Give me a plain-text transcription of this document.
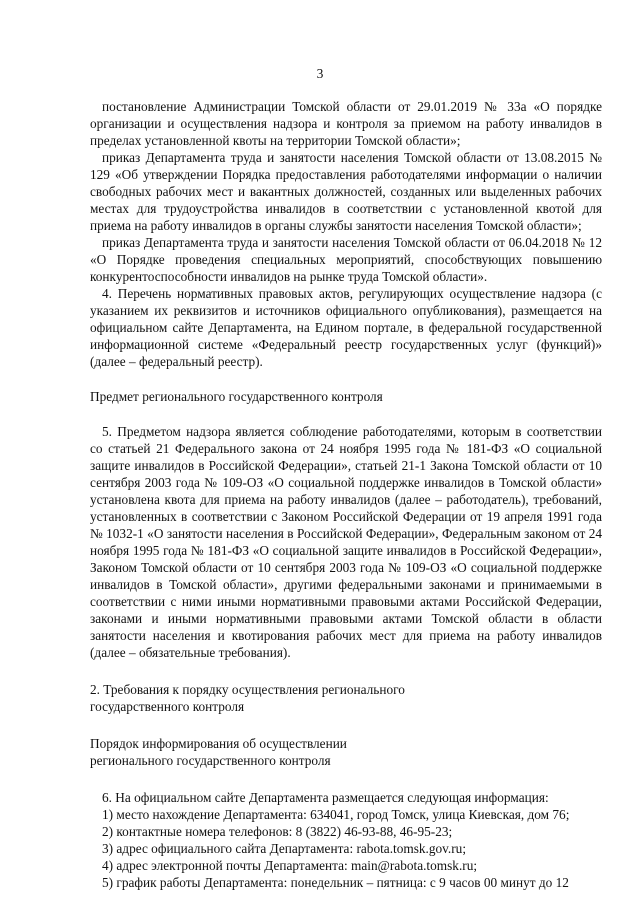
3

постановление Администрации Томской области от 29.01.2019 № 33а «О порядке организации и осуществления надзора и контроля за приемом на работу инвалидов в пределах установленной квоты на территории Томской области»;

приказ Департамента труда и занятости населения Томской области от 13.08.2015 № 129 «Об утверждении Порядка предоставления работодателями информации о наличии свободных рабочих мест и вакантных должностей, созданных или выделенных рабочих местах для трудоустройства инвалидов в соответствии с установленной квотой для приема на работу инвалидов в органы службы занятости населения Томской области»;

приказ Департамента труда и занятости населения Томской области от 06.04.2018 № 12 «О Порядке проведения специальных мероприятий, способствующих повышению конкурентоспособности инвалидов на рынке труда Томской области».

4. Перечень нормативных правовых актов, регулирующих осуществление надзора (с указанием их реквизитов и источников официального опубликования), размещается на официальном сайте Департамента, на Едином портале, в федеральной государственной информационной системе «Федеральный реестр государственных услуг (функций)» (далее – федеральный реестр).

Предмет регионального государственного контроля

5. Предметом надзора является соблюдение работодателями, которым в соответствии со статьей 21 Федерального закона от 24 ноября 1995 года № 181-ФЗ «О социальной защите инвалидов в Российской Федерации», статьей 21-1 Закона Томской области от 10 сентября 2003 года № 109-ОЗ «О социальной поддержке инвалидов в Томской области» установлена квота для приема на работу инвалидов (далее – работодатель), требований, установленных в соответствии с Законом Российской Федерации от 19 апреля 1991 года № 1032-1 «О занятости населения в Российской Федерации», Федеральным законом от 24 ноября 1995 года № 181-ФЗ «О социальной защите инвалидов в Российской Федерации», Законом Томской области от 10 сентября 2003 года № 109-ОЗ «О социальной поддержке инвалидов в Томской области», другими федеральными законами и принимаемыми в соответствии с ними иными нормативными правовыми актами Российской Федерации, законами и иными нормативными правовыми актами Томской области в области занятости населения и квотирования рабочих мест для приема на работу инвалидов (далее – обязательные требования).

2. Требования к порядку осуществления регионального

государственного контроля

Порядок информирования об осуществлении

регионального государственного контроля

6. На официальном сайте Департамента размещается следующая информация:

1) место нахождение Департамента: 634041, город Томск, улица Киевская, дом 76;

2) контактные номера телефонов: 8 (3822) 46-93-88, 46-95-23;

3) адрес официального сайта Департамента: rabota.tomsk.gov.ru;

4) адрес электронной почты Департамента: main@rabota.tomsk.ru;

5) график работы Департамента: понедельник – пятница: с 9 часов 00 минут до 12
